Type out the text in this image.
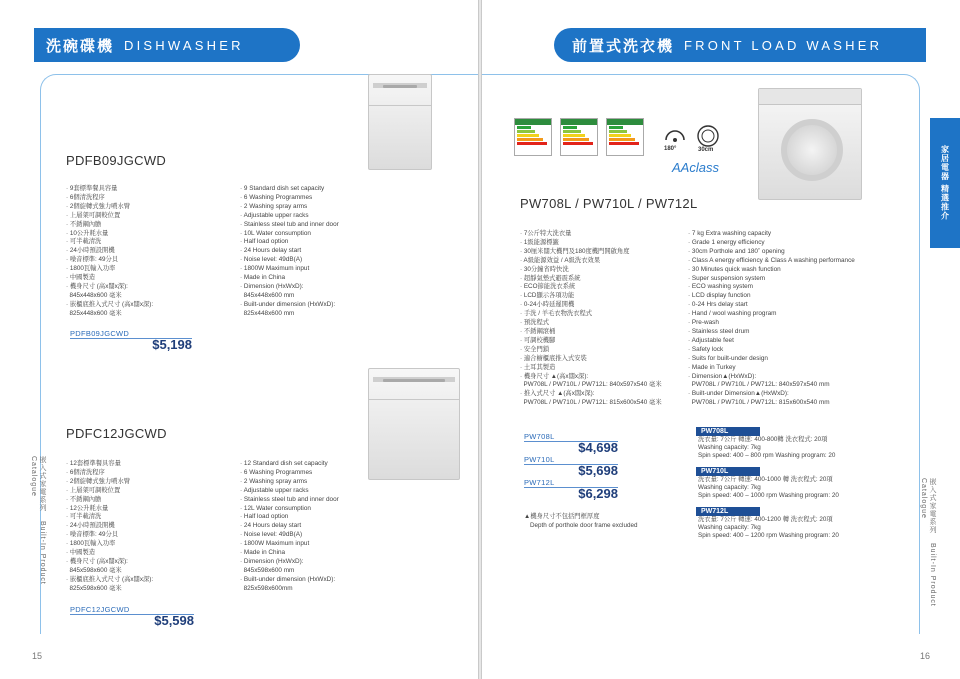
洗碗碟機 DISHWASHER
PDFB09JGCWD
· 9套標準餐具容量
· 6個清洗程序
· 2個旋轉式強力噴水臂
· 上層架可調較位置
· 不銹鋼內膽
· 10公升耗水量
· 可半載清洗
· 24小時預設開機
· 噪音標準: 49分貝
· 1800瓦輸入功率
· 中國製造
· 機身尺寸 (高x闊x深):
845x448x600 毫米
· 嵌櫃底推入式尺寸 (高x闊x深):
825x448x600 毫米
· 9 Standard dish set capacity
· 6 Washing Programmes
· 2 Washing spray arms
· Adjustable upper racks
· Stainless steel tub and inner door
· 10L Water consumption
· Half load option
· 24 Hours delay start
· Noise level: 49dB(A)
· 1800W Maximum input
· Made in China
· Dimension (HxWxD):
845x448x600 mm
· Built-under dimension (HxWxD):
825x448x600 mm
PDFB09JGCWD
$5,198
PDFC12JGCWD
· 12套標準餐具容量
· 6個清洗程序
· 2個旋轉式強力噴水臂
· 上層架可調較位置
· 不銹鋼內膽
· 12公升耗水量
· 可半載清洗
· 24小時預設開機
· 噪音標準: 49分貝
· 1800瓦輸入功率
· 中國製造
· 機身尺寸 (高x闊x深):
845x598x600 毫米
· 嵌櫃底推入式尺寸 (高x闊x深):
825x598x600 毫米
· 12 Standard dish set capacity
· 6 Washing Programmes
· 2 Washing spray arms
· Adjustable upper racks
· Stainless steel tub and inner door
· 12L Water consumption
· Half load option
· 24 Hours delay start
· Noise level: 49dB(A)
· 1800W Maximum input
· Made in China
· Dimension (HxWxD):
845x598x600 mm
· Built-under dimension (HxWxD):
825x598x600mm
PDFC12JGCWD
$5,598
嵌入式家電系列 Built-In Product Catalogue
15
前置式洗衣機 FRONT LOAD WASHER
家居電器 精選推介
180°	30cm
AAclass
PW708L / PW710L / PW712L
· 7公斤特大洗衣量
· 1級能源標籤
· 30厘米闊大機門及180度機門開啟角度
· A級能源效益 / A級洗衣效果
· 30分鐘省時快洗
· 超靜氣墊式避震系統
· ECO節能洗衣系統
· LCD顯示各項功能
· 0-24小時延遲開機
· 手洗 / 羊毛衣物洗衣程式
· 預洗程式
· 不銹鋼滾桶
· 可調校機腳
· 安全門鎖
· 適合櫥櫃底推入式安裝
· 土耳其製造
· 機身尺寸 ▲(高x闊x深):
PW708L / PW710L / PW712L: 840x597x540 毫米
· 推入式尺寸 ▲(高x闊x深):
PW708L / PW710L / PW712L: 815x600x540 毫米
· 7 kg Extra washing capacity
· Grade 1 energy efficiency
· 30cm Porthole and 180˚ opening
· Class A energy efficiency & Class A washing performance
· 30 Minutes quick wash function
· Super suspension system
· ECO washing system
· LCD display function
· 0-24 Hrs delay start
· Hand / wool washing program
· Pre-wash
· Stainless steel drum
· Adjustable feet
· Safety lock
· Suits for built-under design
· Made in Turkey
· Dimension▲(HxWxD):
PW708L / PW710L / PW712L: 840x597x540 mm
· Built-under Dimension▲(HxWxD):
PW708L / PW710L / PW712L: 815x600x540 mm
PW708L
$4,698
PW710L
$5,698
PW712L
$6,298
▲機身尺寸不包括門框厚度
Depth of porthole door frame excluded
PW708L
洗衣量: 7公斤 轉速: 400-800轉 洗衣程式: 20項
Washing capacity: 7kg
Spin speed: 400 – 800 rpm Washing program: 20
PW710L
洗衣量: 7公斤 轉速: 400-1000 轉 洗衣程式: 20項
Washing capacity: 7kg
Spin speed: 400 – 1000 rpm Washing program: 20
PW712L
洗衣量: 7公斤 轉速: 400-1200 轉 洗衣程式: 20項
Washing capacity: 7kg
Spin speed: 400 – 1200 rpm Washing program: 20
嵌入式家電系列 Built-In Product Catalogue
16
